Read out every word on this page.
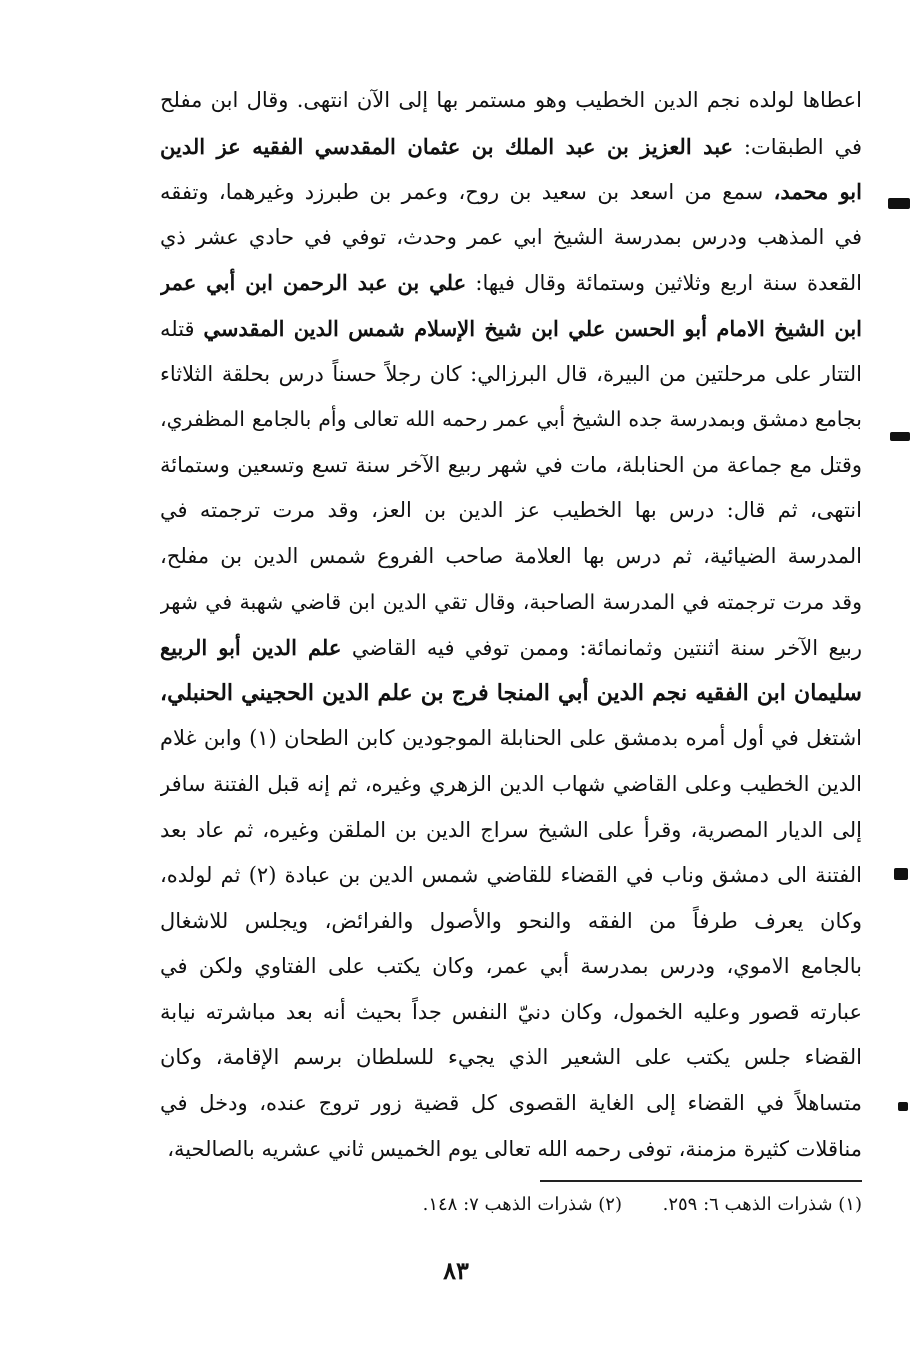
اعطاها لولده نجم الدين الخطيب وهو مستمر بها إلى الآن انتهى. وقال ابن مفلح
في الطبقات: عبد العزيز بن عبد الملك بن عثمان المقدسي الفقيه عز الدين
ابو محمد، سمع من اسعد بن سعيد بن روح، وعمر بن طبرزد وغيرهما، وتفقه
في المذهب ودرس بمدرسة الشيخ ابي عمر وحدث، توفي في حادي عشر ذي
القعدة سنة اربع وثلاثين وستمائة وقال فيها: علي بن عبد الرحمن ابن أبي عمر
ابن الشيخ الامام أبو الحسن علي ابن شيخ الإسلام شمس الدين المقدسي قتله
التتار على مرحلتين من البيرة، قال البرزالي: كان رجلاً حسناً درس بحلقة الثلاثاء
بجامع دمشق وبمدرسة جده الشيخ أبي عمر رحمه الله تعالى وأم بالجامع المظفري،
وقتل مع جماعة من الحنابلة، مات في شهر ربيع الآخر سنة تسع وتسعين وستمائة
انتهى، ثم قال: درس بها الخطيب عز الدين بن العز، وقد مرت ترجمته في
المدرسة الضيائية، ثم درس بها العلامة صاحب الفروع شمس الدين بن مفلح،
وقد مرت ترجمته في المدرسة الصاحبة، وقال تقي الدين ابن قاضي شهبة في شهر
ربيع الآخر سنة اثنتين وثمانمائة: وممن توفي فيه القاضي علم الدين أبو الربيع
سليمان ابن الفقيه نجم الدين أبي المنجا فرج بن علم الدين الحجيني الحنبلي،
اشتغل في أول أمره بدمشق على الحنابلة الموجودين كابن الطحان (١) وابن غلام
الدين الخطيب وعلى القاضي شهاب الدين الزهري وغيره، ثم إنه قبل الفتنة سافر
إلى الديار المصرية، وقرأ على الشيخ سراج الدين بن الملقن وغيره، ثم عاد بعد
الفتنة الى دمشق وناب في القضاء للقاضي شمس الدين بن عبادة (٢) ثم لولده،
وكان يعرف طرفاً من الفقه والنحو والأصول والفرائض، ويجلس للاشغال
بالجامع الاموي، ودرس بمدرسة أبي عمر، وكان يكتب على الفتاوي ولكن في
عبارته قصور وعليه الخمول، وكان دنيّ النفس جداً بحيث أنه بعد مباشرته نيابة
القضاء جلس يكتب على الشعير الذي يجيء للسلطان برسم الإقامة، وكان
متساهلاً في القضاء إلى الغاية القصوى كل قضية زور تروج عنده، ودخل في
مناقلات كثيرة مزمنة، توفى رحمه الله تعالى يوم الخميس ثاني عشريه بالصالحية،
(١) شذرات الذهب ٦: ٢٥٩.
(٢) شذرات الذهب ٧: ١٤٨.
٨٣
